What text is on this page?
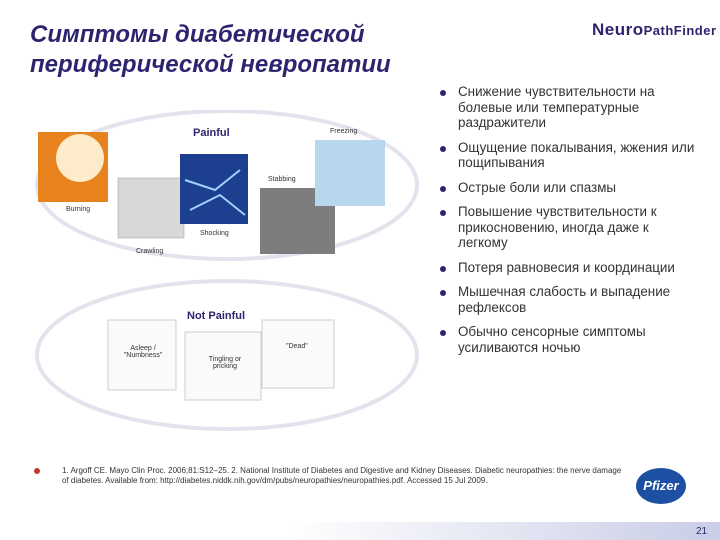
Симптомы диабетической
периферической невропатии
NeuroPathFinder
Painful
Not Painful
Freezing
Stabbing
Burning
Shocking
Crawling
Asleep / "Numbness"
"Dead"
Tingling or pricking
Снижение чувствительности на болевые или температурные раздражители
Ощущение покалывания, жжения или пощипывания
Острые боли или спазмы
Повышение чувствительности к прикосновению, иногда даже к легкому
Потеря равновесия и координации
Мышечная слабость и выпадение рефлексов
Обычно сенсорные симптомы усиливаются ночью
1. Argoff CE. Mayo Clin Proc. 2006;81:S12–25. 2. National Institute of Diabetes and Digestive and Kidney Diseases. Diabetic neuropathies: the nerve damage of diabetes. Available from: http://diabetes.niddk.nih.gov/dm/pubs/neuropathies/neuropathies.pdf. Accessed 15 Jul 2009.	Pfizer
21
